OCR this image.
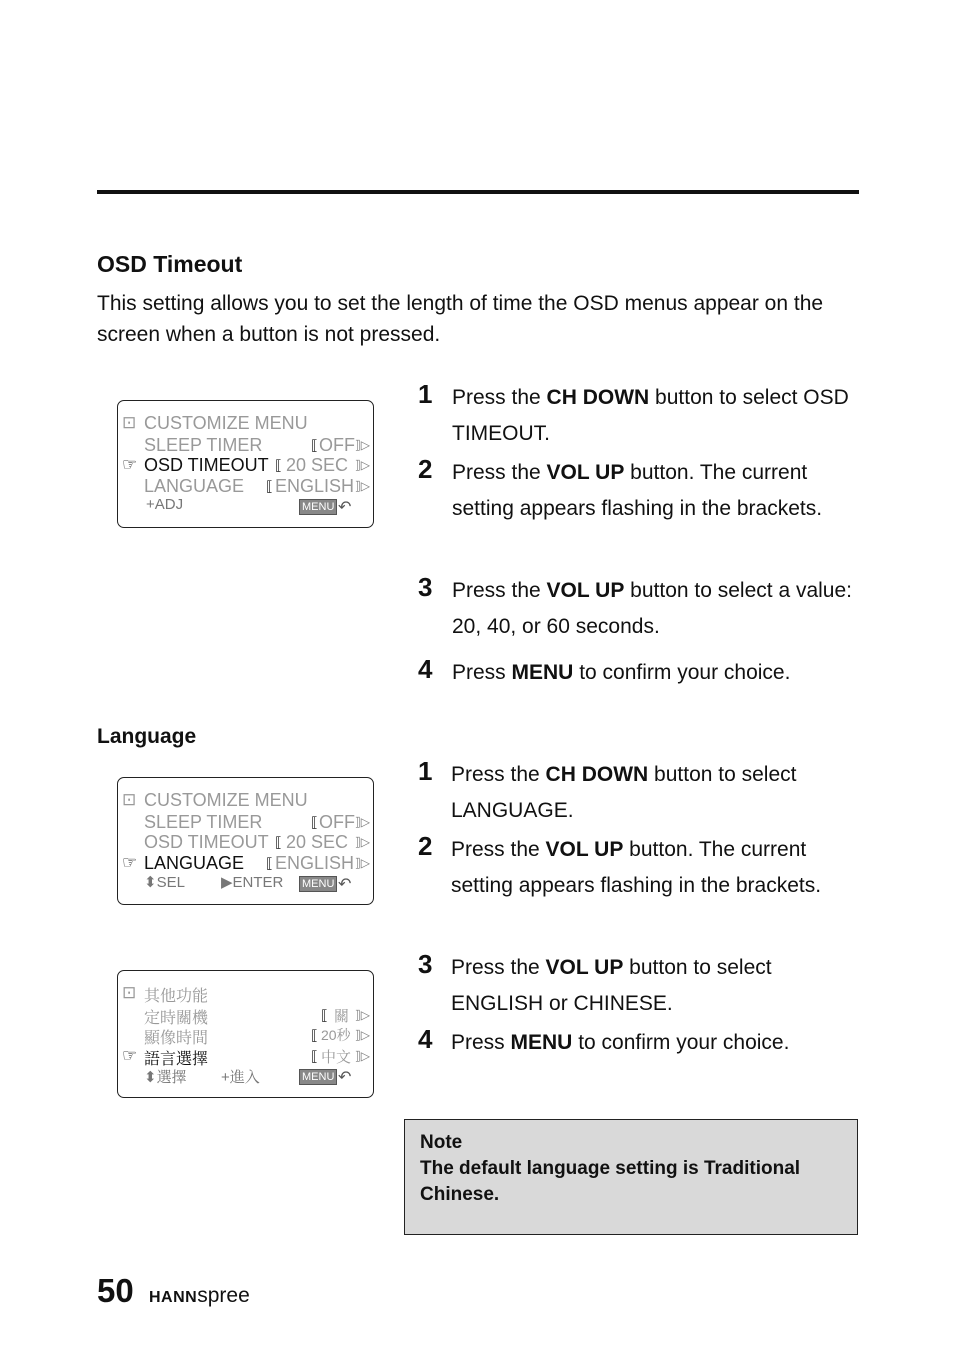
OSD Timeout
This setting allows you to set the length of time the OSD menus appear on the screen when a button is not pressed.
⊡ CUSTOMIZE MENU
SLEEP TIMER	⟦ OFF ⟧▷
☞ OSD TIMEOUT ⟦ 20 SEC ⟧▷
LANGUAGE ⟦ ENGLISH ⟧▷
+ADJ	MENU ↶
1 Press the CH DOWN button to select OSD TIMEOUT.
2 Press the VOL UP button. The current setting appears flashing in the brackets.
3 Press the VOL UP button to select a value: 20, 40, or 60 seconds.
4 Press MENU to confirm your choice.
Language
⊡ CUSTOMIZE MENU
SLEEP TIMER	⟦ OFF ⟧▷
OSD TIMEOUT ⟦ 20 SEC ⟧▷
☞ LANGUAGE ⟦ ENGLISH ⟧▷
⬍SEL ▶ENTER MENU ↶
⊡ 其他功能
定時關機	⟦ 關 ⟧▷
顯像時間	⟦ 20秒 ⟧▷
☞ 語言選擇	⟦ 中文 ⟧▷
⬍選擇 +進入	MENU ↶
1 Press the CH DOWN button to select LANGUAGE.
2 Press the VOL UP button. The current setting appears flashing in the brackets.
3 Press the VOL UP button to select ENGLISH or CHINESE.
4 Press MENU to confirm your choice.
Note
The default language setting is Traditional Chinese.
50 HANNspree
